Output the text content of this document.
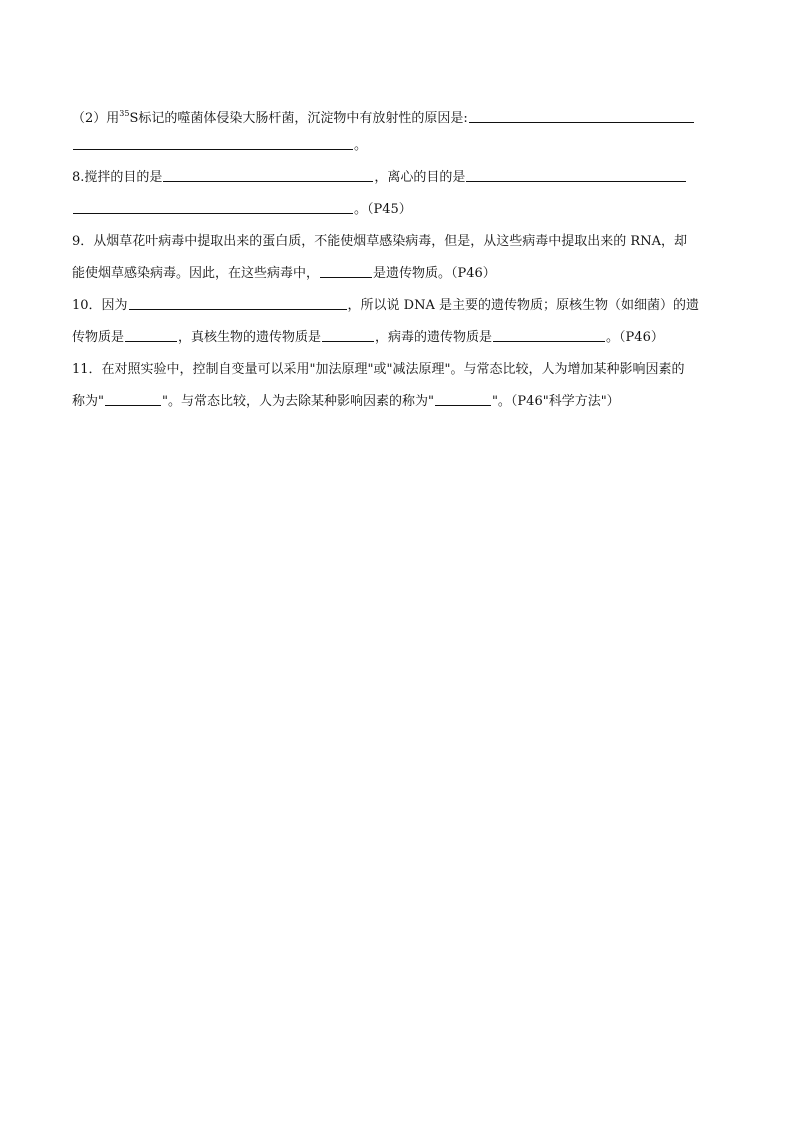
（2）用$^{35}$S标记的噬菌体侵染大肠杆菌，沉淀物中有放射性的原因是:
。
8.搅拌的目的是	，离心的目的是
。（P45）
9．从烟草花叶病毒中提取出来的蛋白质，不能使烟草感染病毒，但是，从这些病毒中提取出来的 RNA，却
能使烟草感染病毒。因此，在这些病毒中，	是遗传物质。（P46）
10．因为	，所以说 DNA 是主要的遗传物质；原核生物（如细菌）的遗
传物质是	，真核生物的遗传物质是	，病毒的遗传物质是	。（P46）
11．在对照实验中，控制自变量可以采用"加法原理"或"减法原理"。与常态比较，人为增加某种影响因素的
称为"	"。与常态比较，人为去除某种影响因素的称为"	"。（P46"科学方法"）
